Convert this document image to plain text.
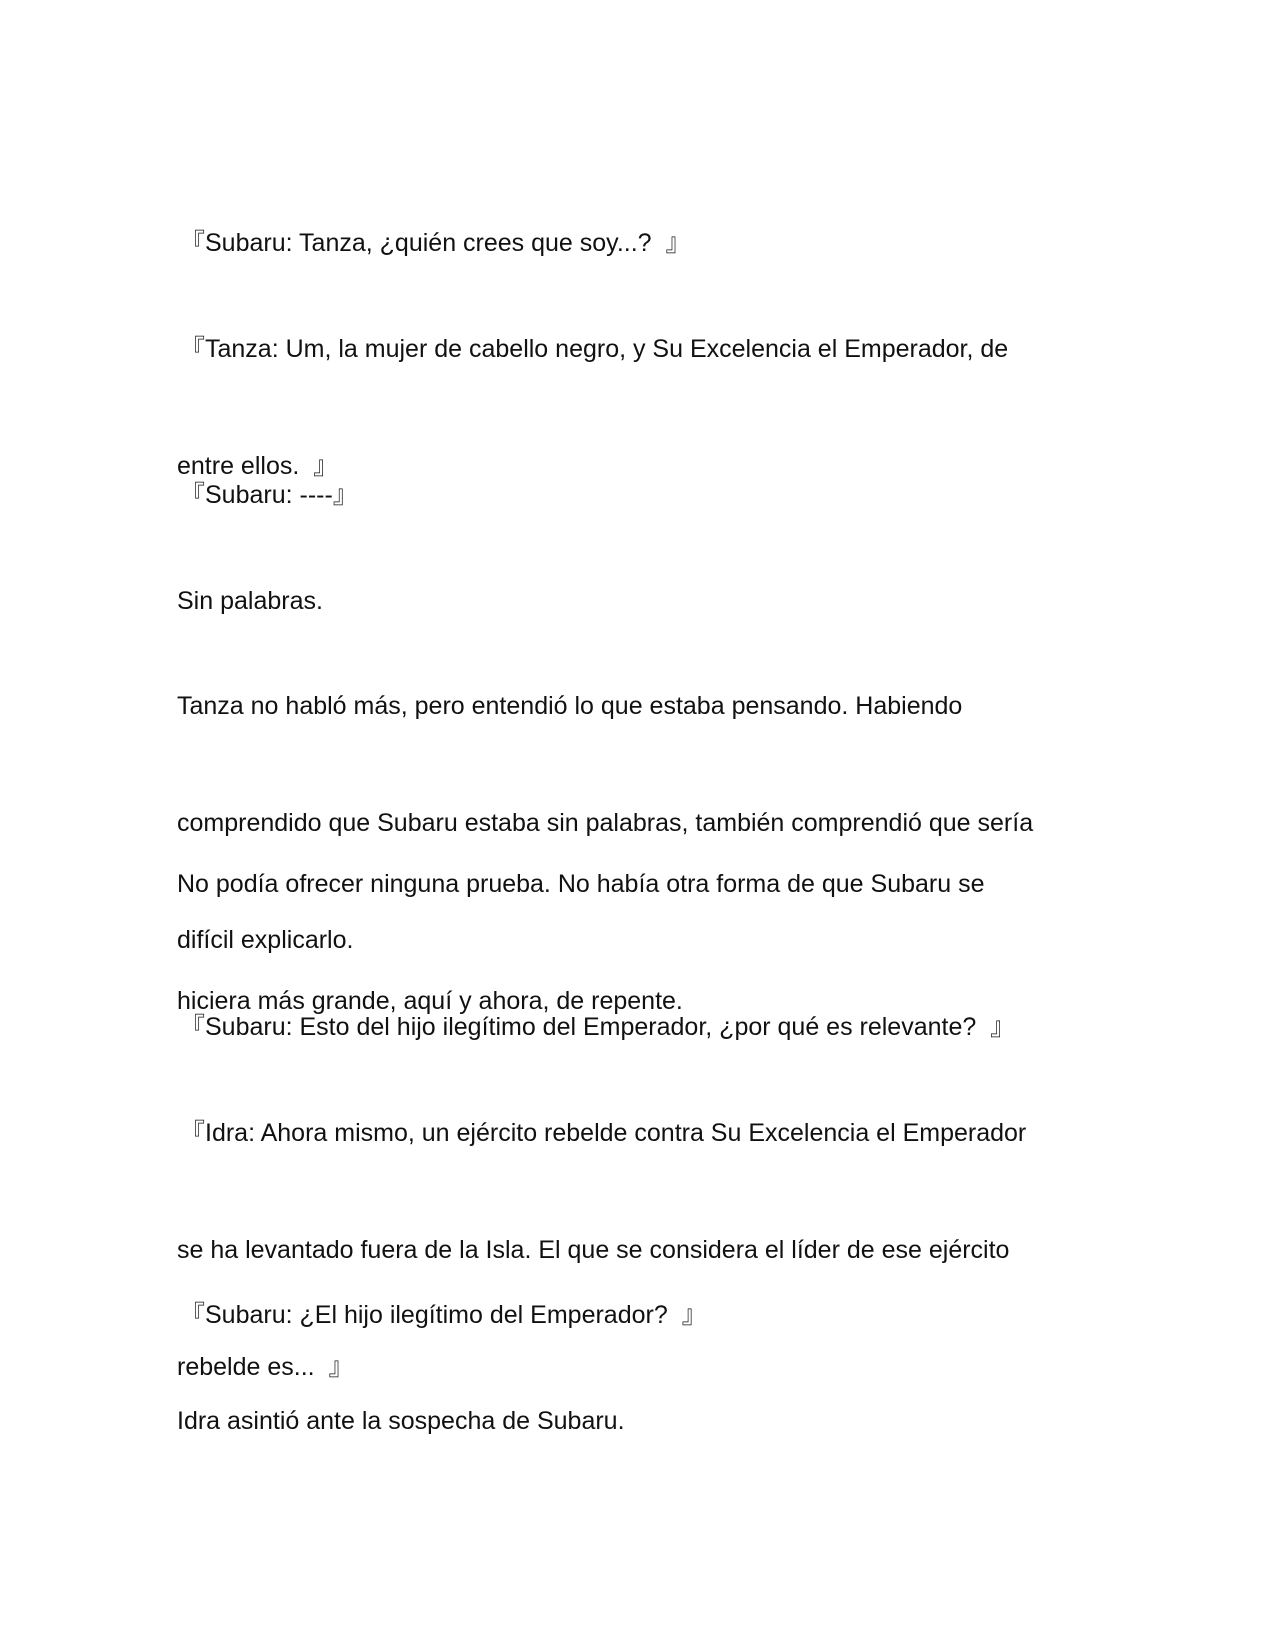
『Subaru: Tanza, ¿quién crees que soy...?  』

『Tanza: Um, la mujer de cabello negro, y Su Excelencia el Emperador, de

entre ellos.  』

『Subaru: ----』

Sin palabras.

Tanza no habló más, pero entendió lo que estaba pensando. Habiendo

comprendido que Subaru estaba sin palabras, también comprendió que sería

difícil explicarlo.

No podía ofrecer ninguna prueba. No había otra forma de que Subaru se

hiciera más grande, aquí y ahora, de repente.

『Subaru: Esto del hijo ilegítimo del Emperador, ¿por qué es relevante?  』

『Idra: Ahora mismo, un ejército rebelde contra Su Excelencia el Emperador

se ha levantado fuera de la Isla. El que se considera el líder de ese ejército

rebelde es...  』

『Subaru: ¿El hijo ilegítimo del Emperador?  』

Idra asintió ante la sospecha de Subaru.
